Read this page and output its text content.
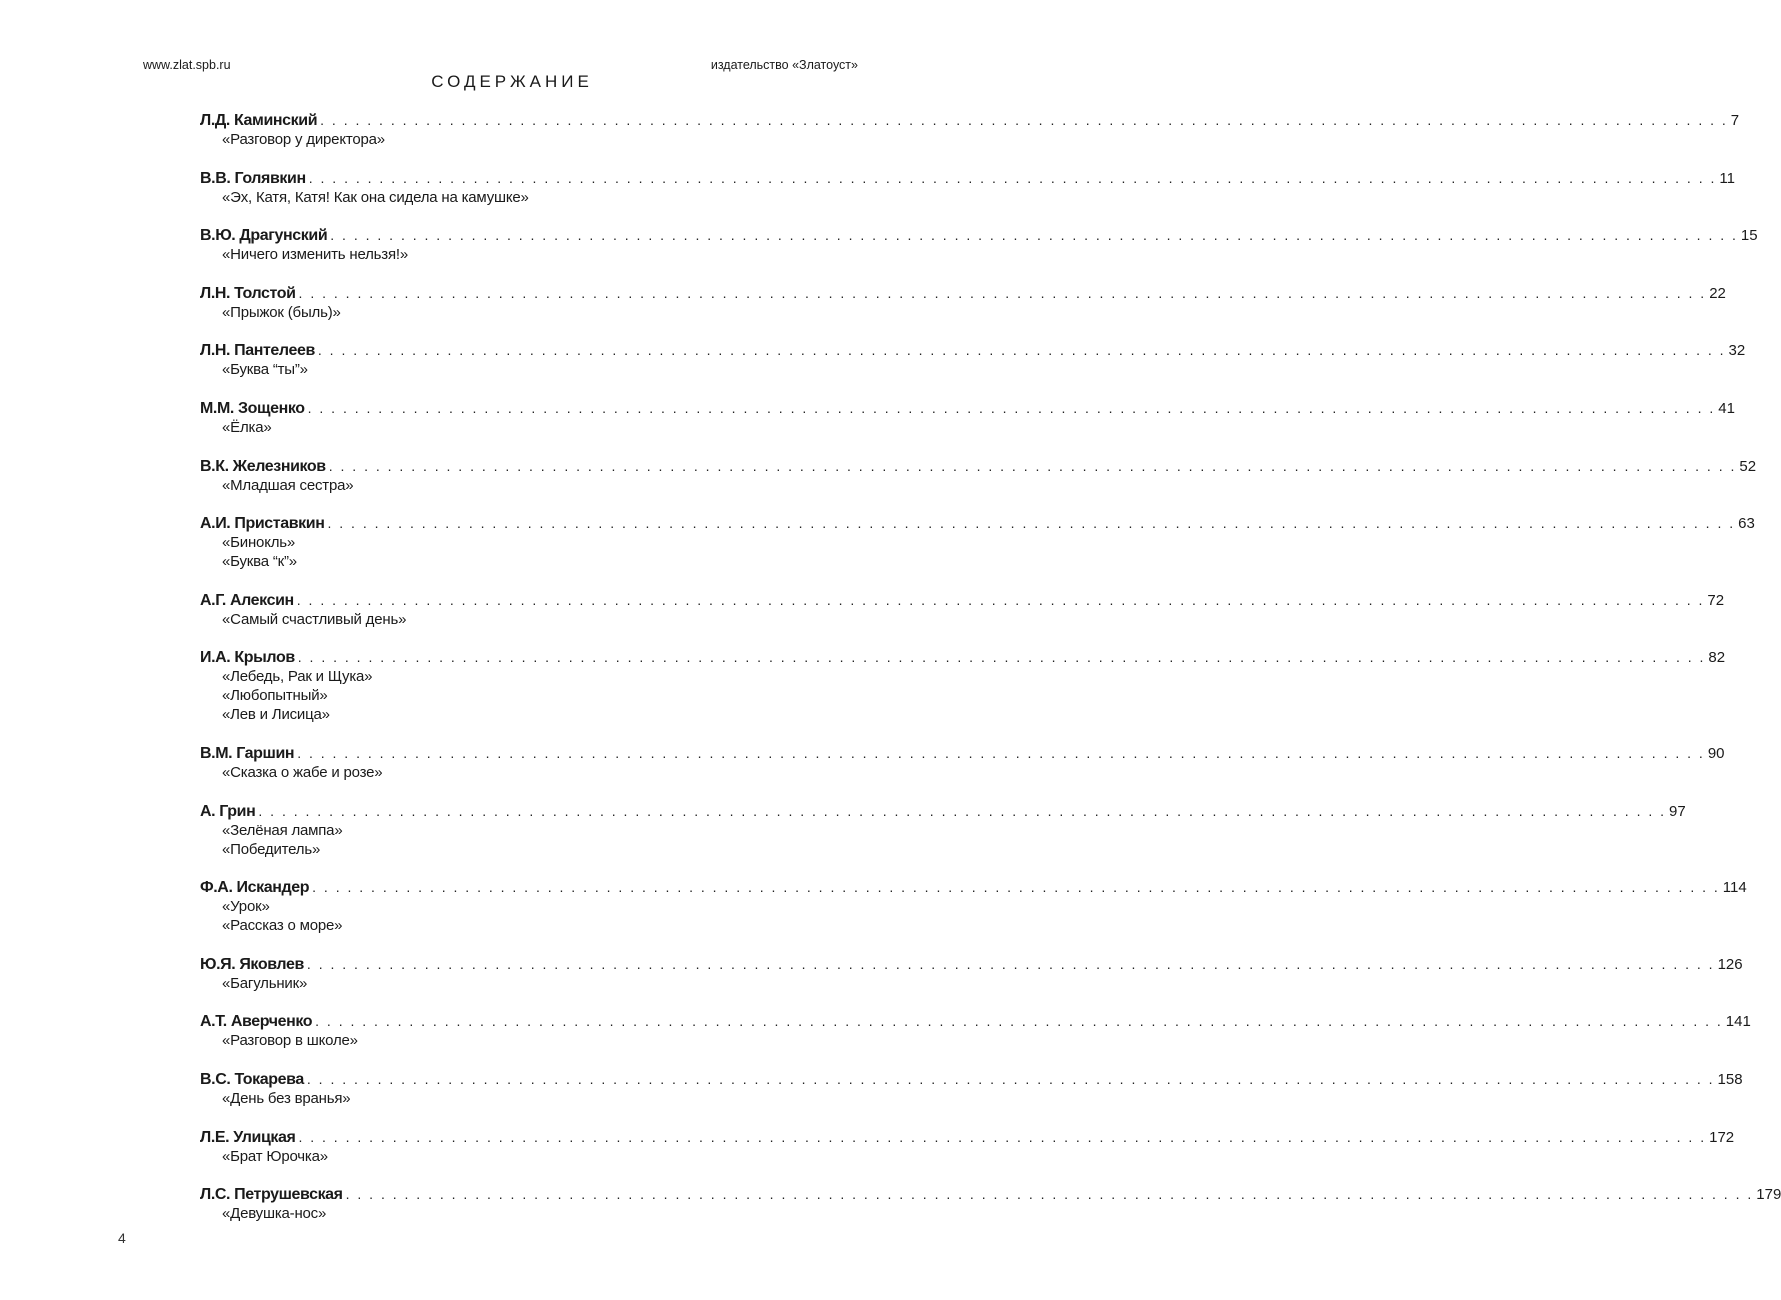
www.zlat.spb.ru	издательство «Златоуст»
СОДЕРЖАНИЕ
Л.Д. Каминский . . . . . . . . . . . . . . . . . . . . . . . . . . . . . . . . . . . . . . . . . . . . . . . . . . . . . . . . . . . . . . . . . . . . . . . . . . . . . . . . . . . . . . . . . . . . . . . . . . . . . . . . . . . . . . . . . . . . . . . . 7
«Разговор у директора»
В.В. Голявкин . . . . . . . . . . . . . . . . . . . . . . . . . . . . . . . . . . . . . . . . . . . . . . . . . . . . . . . . . . . . . . . . . . . . . . . . . . . . . . . . . . . . . . . . . . . . . . . . . . . . . . . . . . . . . . . . . . . . . . . . 11
«Эх, Катя, Катя! Как она сидела на камушке»
В.Ю. Драгунский . . . . . . . . . . . . . . . . . . . . . . . . . . . . . . . . . . . . . . . . . . . . . . . . . . . . . . . . . . . . . . . . . . . . . . . . . . . . . . . . . . . . . . . . . . . . . . . . . . . . . . . . . . . . . . . . . . . . . . . . 15
«Ничего изменить нельзя!»
Л.Н. Толстой . . . . . . . . . . . . . . . . . . . . . . . . . . . . . . . . . . . . . . . . . . . . . . . . . . . . . . . . . . . . . . . . . . . . . . . . . . . . . . . . . . . . . . . . . . . . . . . . . . . . . . . . . . . . . . . . . . . . . . . . 22
«Прыжок (быль)»
Л.Н. Пантелеев . . . . . . . . . . . . . . . . . . . . . . . . . . . . . . . . . . . . . . . . . . . . . . . . . . . . . . . . . . . . . . . . . . . . . . . . . . . . . . . . . . . . . . . . . . . . . . . . . . . . . . . . . . . . . . . . . . . . . . . . 32
«Буква “ты”»
М.М. Зощенко . . . . . . . . . . . . . . . . . . . . . . . . . . . . . . . . . . . . . . . . . . . . . . . . . . . . . . . . . . . . . . . . . . . . . . . . . . . . . . . . . . . . . . . . . . . . . . . . . . . . . . . . . . . . . . . . . . . . . . . . 41
«Ёлка»
В.К. Железников . . . . . . . . . . . . . . . . . . . . . . . . . . . . . . . . . . . . . . . . . . . . . . . . . . . . . . . . . . . . . . . . . . . . . . . . . . . . . . . . . . . . . . . . . . . . . . . . . . . . . . . . . . . . . . . . . . . . . . . . 52
«Младшая сестра»
А.И. Приставкин . . . . . . . . . . . . . . . . . . . . . . . . . . . . . . . . . . . . . . . . . . . . . . . . . . . . . . . . . . . . . . . . . . . . . . . . . . . . . . . . . . . . . . . . . . . . . . . . . . . . . . . . . . . . . . . . . . . . . . . . 63
«Бинокль»
«Буква “к”»
А.Г. Алексин . . . . . . . . . . . . . . . . . . . . . . . . . . . . . . . . . . . . . . . . . . . . . . . . . . . . . . . . . . . . . . . . . . . . . . . . . . . . . . . . . . . . . . . . . . . . . . . . . . . . . . . . . . . . . . . . . . . . . . . . 72
«Самый счастливый день»
И.А. Крылов . . . . . . . . . . . . . . . . . . . . . . . . . . . . . . . . . . . . . . . . . . . . . . . . . . . . . . . . . . . . . . . . . . . . . . . . . . . . . . . . . . . . . . . . . . . . . . . . . . . . . . . . . . . . . . . . . . . . . . . . 82
«Лебедь, Рак и Щука»
«Любопытный»
«Лев и Лисица»
В.М. Гаршин . . . . . . . . . . . . . . . . . . . . . . . . . . . . . . . . . . . . . . . . . . . . . . . . . . . . . . . . . . . . . . . . . . . . . . . . . . . . . . . . . . . . . . . . . . . . . . . . . . . . . . . . . . . . . . . . . . . . . . . . 90
«Сказка о жабе и розе»
А. Грин . . . . . . . . . . . . . . . . . . . . . . . . . . . . . . . . . . . . . . . . . . . . . . . . . . . . . . . . . . . . . . . . . . . . . . . . . . . . . . . . . . . . . . . . . . . . . . . . . . . . . . . . . . . . . . . . . . . . . . . . 97
«Зелёная лампа»
«Победитель»
Ф.А. Искандер . . . . . . . . . . . . . . . . . . . . . . . . . . . . . . . . . . . . . . . . . . . . . . . . . . . . . . . . . . . . . . . . . . . . . . . . . . . . . . . . . . . . . . . . . . . . . . . . . . . . . . . . . . . . . . . . . . . . . . . . 114
«Урок»
«Рассказ о море»
Ю.Я. Яковлев . . . . . . . . . . . . . . . . . . . . . . . . . . . . . . . . . . . . . . . . . . . . . . . . . . . . . . . . . . . . . . . . . . . . . . . . . . . . . . . . . . . . . . . . . . . . . . . . . . . . . . . . . . . . . . . . . . . . . . . . 126
«Багульник»
А.Т. Аверченко . . . . . . . . . . . . . . . . . . . . . . . . . . . . . . . . . . . . . . . . . . . . . . . . . . . . . . . . . . . . . . . . . . . . . . . . . . . . . . . . . . . . . . . . . . . . . . . . . . . . . . . . . . . . . . . . . . . . . . . . 141
«Разговор в школе»
В.С. Токарева . . . . . . . . . . . . . . . . . . . . . . . . . . . . . . . . . . . . . . . . . . . . . . . . . . . . . . . . . . . . . . . . . . . . . . . . . . . . . . . . . . . . . . . . . . . . . . . . . . . . . . . . . . . . . . . . . . . . . . . . 158
«День без вранья»
Л.Е. Улицкая . . . . . . . . . . . . . . . . . . . . . . . . . . . . . . . . . . . . . . . . . . . . . . . . . . . . . . . . . . . . . . . . . . . . . . . . . . . . . . . . . . . . . . . . . . . . . . . . . . . . . . . . . . . . . . . . . . . . . . . . 172
«Брат Юрочка»
Л.С. Петрушевская . . . . . . . . . . . . . . . . . . . . . . . . . . . . . . . . . . . . . . . . . . . . . . . . . . . . . . . . . . . . . . . . . . . . . . . . . . . . . . . . . . . . . . . . . . . . . . . . . . . . . . . . . . . . . . . . . . . . . . . . 179
«Девушка-нос»
4
